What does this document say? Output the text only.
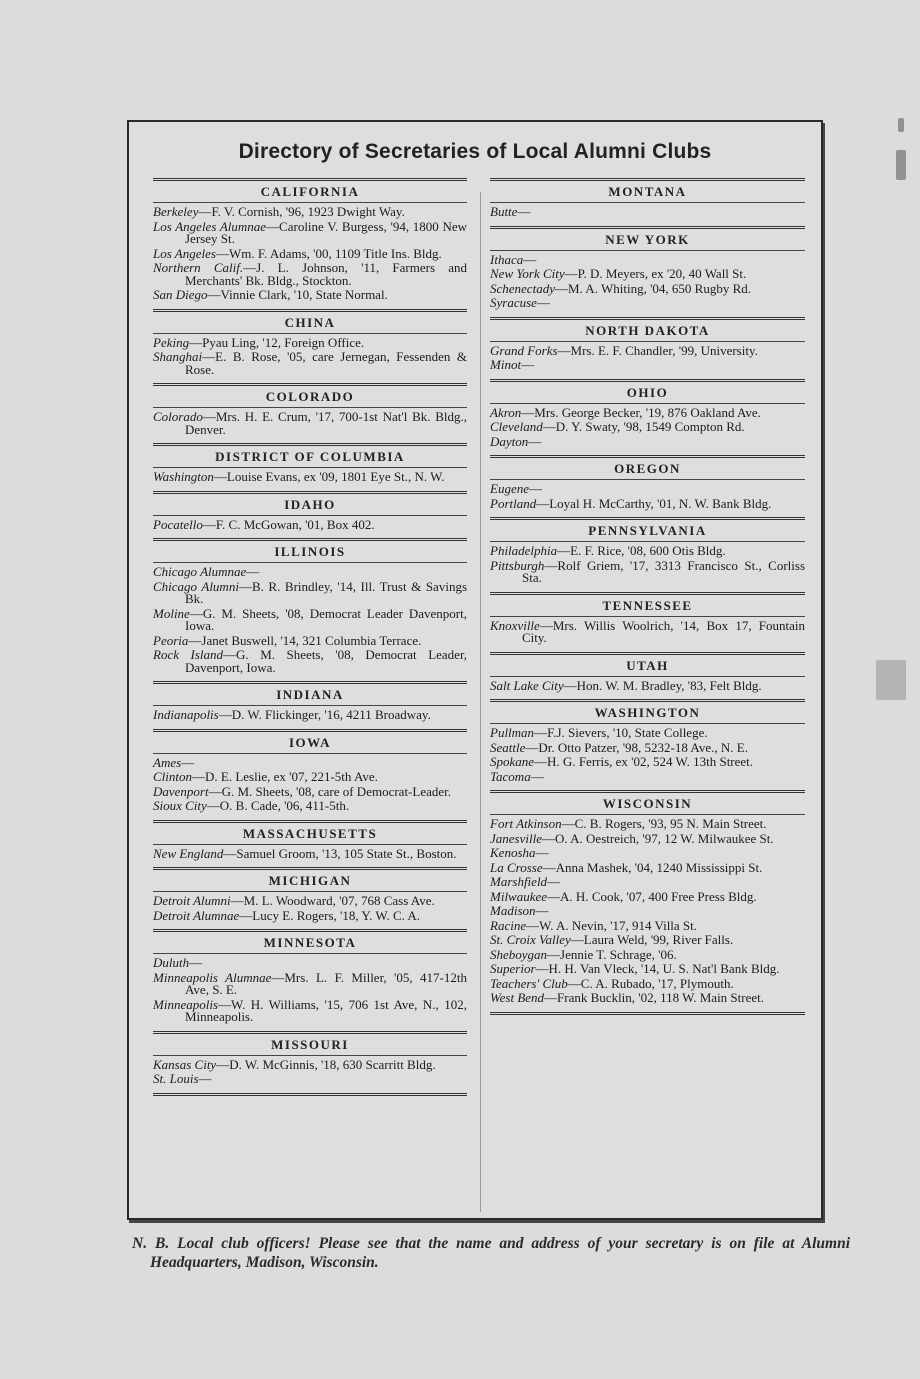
Directory of Secretaries of Local Alumni Clubs
CALIFORNIA
Berkeley—F. V. Cornish, '96, 1923 Dwight Way.
Los Angeles Alumnae—Caroline V. Burgess, '94, 1800 New Jersey St.
Los Angeles—Wm. F. Adams, '00, 1109 Title Ins. Bldg.
Northern Calif.—J. L. Johnson, '11, Farmers and Merchants' Bk. Bldg., Stockton.
San Diego—Vinnie Clark, '10, State Normal.
CHINA
Peking—Pyau Ling, '12, Foreign Office.
Shanghai—E. B. Rose, '05, care Jernegan, Fessenden & Rose.
COLORADO
Colorado—Mrs. H. E. Crum, '17, 700-1st Nat'l Bk. Bldg., Denver.
DISTRICT OF COLUMBIA
Washington—Louise Evans, ex '09, 1801 Eye St., N. W.
IDAHO
Pocatello—F. C. McGowan, '01, Box 402.
ILLINOIS
Chicago Alumnae—
Chicago Alumni—B. R. Brindley, '14, Ill. Trust & Savings Bk.
Moline—G. M. Sheets, '08, Democrat Leader Davenport, Iowa.
Peoria—Janet Buswell, '14, 321 Columbia Terrace.
Rock Island—G. M. Sheets, '08, Democrat Leader, Davenport, Iowa.
INDIANA
Indianapolis—D. W. Flickinger, '16, 4211 Broadway.
IOWA
Ames—
Clinton—D. E. Leslie, ex '07, 221-5th Ave.
Davenport—G. M. Sheets, '08, care of Democrat-Leader.
Sioux City—O. B. Cade, '06, 411-5th.
MASSACHUSETTS
New England—Samuel Groom, '13, 105 State St., Boston.
MICHIGAN
Detroit Alumni—M. L. Woodward, '07, 768 Cass Ave.
Detroit Alumnae—Lucy E. Rogers, '18, Y. W. C. A.
MINNESOTA
Duluth—
Minneapolis Alumnae—Mrs. L. F. Miller, '05, 417-12th Ave, S. E.
Minneapolis—W. H. Williams, '15, 706 1st Ave, N., 102, Minneapolis.
MISSOURI
Kansas City—D. W. McGinnis, '18, 630 Scarritt Bldg.
St. Louis—
MONTANA
Butte—
NEW YORK
Ithaca—
New York City—P. D. Meyers, ex '20, 40 Wall St.
Schenectady—M. A. Whiting, '04, 650 Rugby Rd.
Syracuse—
NORTH DAKOTA
Grand Forks—Mrs. E. F. Chandler, '99, University.
Minot—
OHIO
Akron—Mrs. George Becker, '19, 876 Oakland Ave.
Cleveland—D. Y. Swaty, '98, 1549 Compton Rd.
Dayton—
OREGON
Eugene—
Portland—Loyal H. McCarthy, '01, N. W. Bank Bldg.
PENNSYLVANIA
Philadelphia—E. F. Rice, '08, 600 Otis Bldg.
Pittsburgh—Rolf Griem, '17, 3313 Francisco St., Corliss Sta.
TENNESSEE
Knoxville—Mrs. Willis Woolrich, '14, Box 17, Fountain City.
UTAH
Salt Lake City—Hon. W. M. Bradley, '83, Felt Bldg.
WASHINGTON
Pullman—F.J. Sievers, '10, State College.
Seattle—Dr. Otto Patzer, '98, 5232-18 Ave., N. E.
Spokane—H. G. Ferris, ex '02, 524 W. 13th Street.
Tacoma—
WISCONSIN
Fort Atkinson—C. B. Rogers, '93, 95 N. Main Street.
Janesville—O. A. Oestreich, '97, 12 W. Milwaukee St.
Kenosha—
La Crosse—Anna Mashek, '04, 1240 Mississippi St.
Marshfield—
Milwaukee—A. H. Cook, '07, 400 Free Press Bldg.
Madison—
Racine—W. A. Nevin, '17, 914 Villa St.
St. Croix Valley—Laura Weld, '99, River Falls.
Sheboygan—Jennie T. Schrage, '06.
Superior—H. H. Van Vleck, '14, U. S. Nat'l Bank Bldg.
Teachers' Club—C. A. Rubado, '17, Plymouth.
West Bend—Frank Bucklin, '02, 118 W. Main Street.
N. B. Local club officers! Please see that the name and address of your secretary is on file at Alumni Headquarters, Madison, Wisconsin.
